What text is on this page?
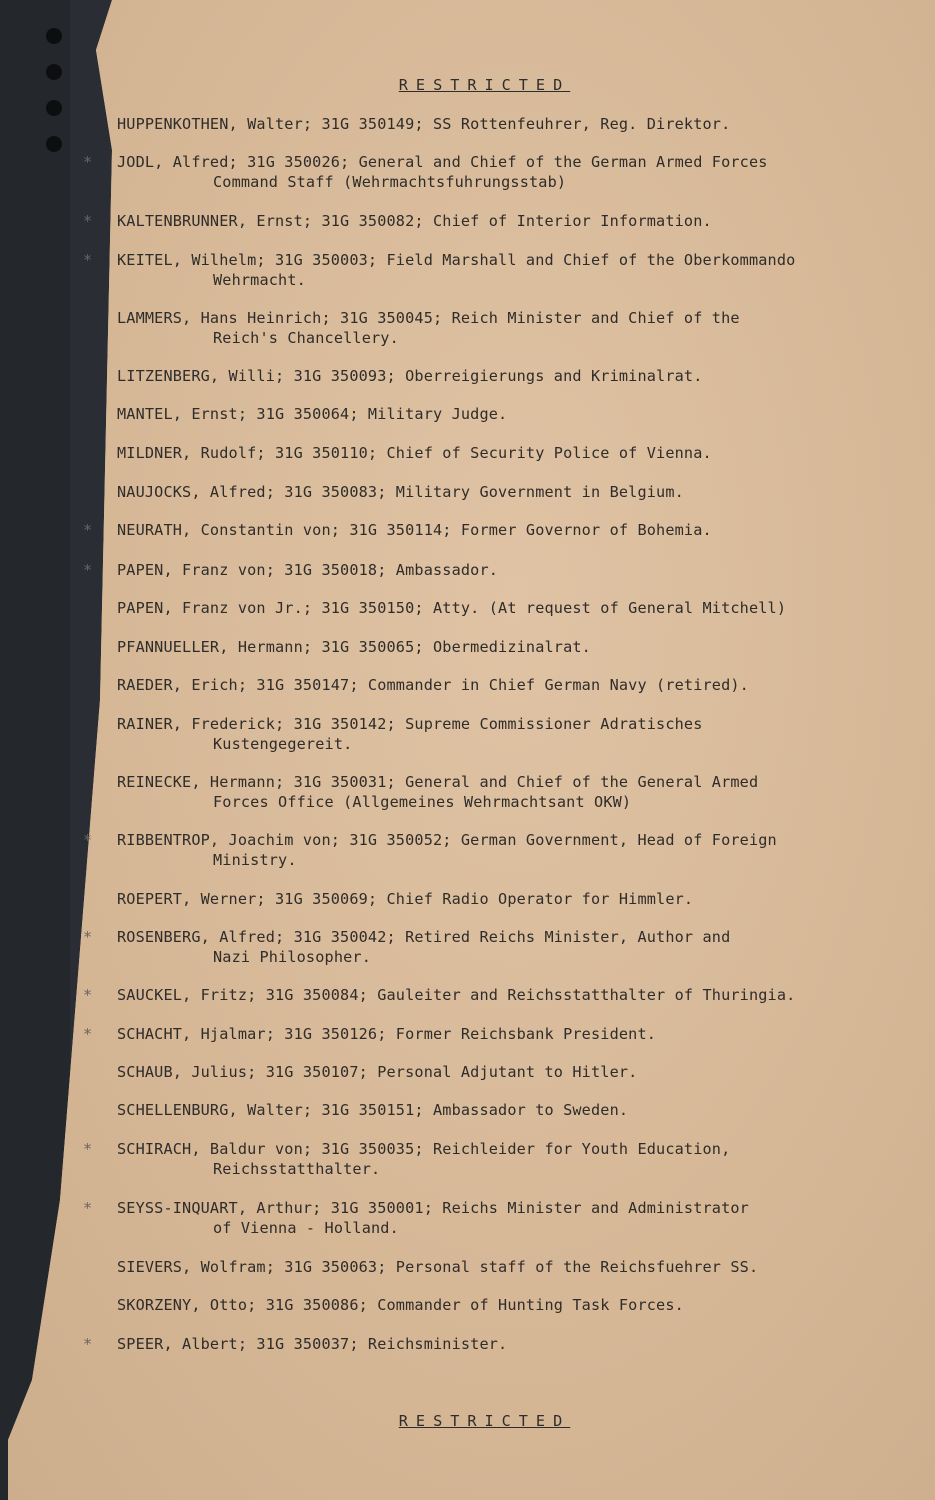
RESTRICTED
HUPPENKOTHEN, Walter; 31G 350149; SS Rottenfeuhrer, Reg. Direktor.
* JODL, Alfred; 31G 350026; General and Chief of the German Armed Forces
Command Staff (Wehrmachtsfuhrungsstab)
* KALTENBRUNNER, Ernst; 31G 350082; Chief of Interior Information.
* KEITEL, Wilhelm; 31G 350003; Field Marshall and Chief of the Oberkommando
Wehrmacht.
LAMMERS, Hans Heinrich; 31G 350045; Reich Minister and Chief of the
Reich's Chancellery.
LITZENBERG, Willi; 31G 350093; Oberreigierungs and Kriminalrat.
MANTEL, Ernst; 31G 350064; Military Judge.
MILDNER, Rudolf; 31G 350110; Chief of Security Police of Vienna.
NAUJOCKS, Alfred; 31G 350083; Military Government in Belgium.
* NEURATH, Constantin von; 31G 350114; Former Governor of Bohemia.
* PAPEN, Franz von; 31G 350018; Ambassador.
PAPEN, Franz von Jr.; 31G 350150; Atty. (At request of General Mitchell)
PFANNUELLER, Hermann; 31G 350065; Obermedizinalrat.
RAEDER, Erich; 31G 350147; Commander in Chief German Navy (retired).
RAINER, Frederick; 31G 350142; Supreme Commissioner Adratisches
Kustengegereit.
REINECKE, Hermann; 31G 350031; General and Chief of the General Armed
Forces Office (Allgemeines Wehrmachtsant OKW)
* RIBBENTROP, Joachim von; 31G 350052; German Government, Head of Foreign
Ministry.
ROEPERT, Werner; 31G 350069; Chief Radio Operator for Himmler.
* ROSENBERG, Alfred; 31G 350042; Retired Reichs Minister, Author and
Nazi Philosopher.
* SAUCKEL, Fritz; 31G 350084; Gauleiter and Reichsstatthalter of Thuringia.
* SCHACHT, Hjalmar; 31G 350126; Former Reichsbank President.
SCHAUB, Julius; 31G 350107; Personal Adjutant to Hitler.
SCHELLENBURG, Walter; 31G 350151; Ambassador to Sweden.
* SCHIRACH, Baldur von; 31G 350035; Reichleider for Youth Education,
Reichsstatthalter.
* SEYSS-INQUART, Arthur; 31G 350001; Reichs Minister and Administrator
of Vienna - Holland.
SIEVERS, Wolfram; 31G 350063; Personal staff of the Reichsfuehrer SS.
SKORZENY, Otto; 31G 350086; Commander of Hunting Task Forces.
* SPEER, Albert; 31G 350037; Reichsminister.
RESTRICTED
